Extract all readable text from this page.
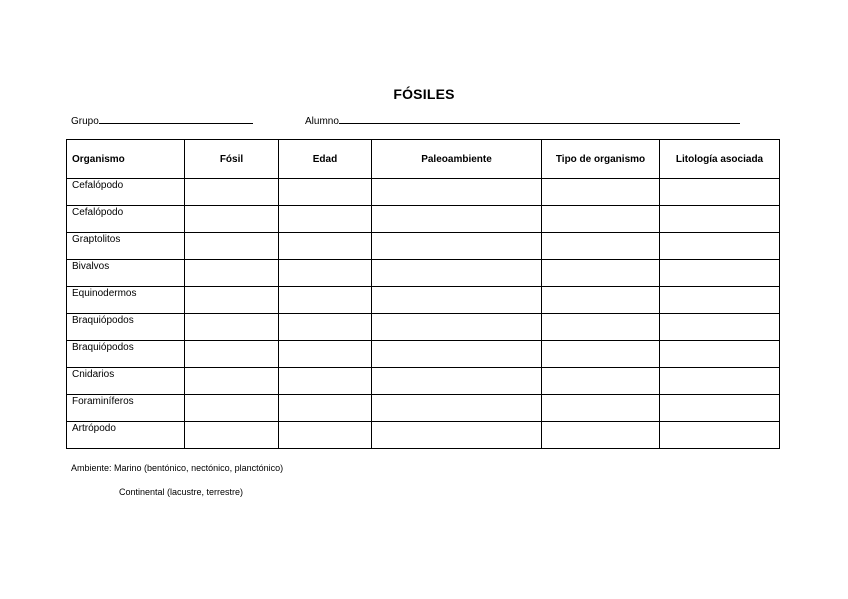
FÓSILES
Grupo	Alumno
Organismo	Fósil	Edad	Paleoambiente	Tipo de organismo	Litología asociada
Cefalópodo					
Cefalópodo					
Graptolitos					
Bivalvos					
Equinodermos					
Braquiópodos					
Braquiópodos					
Cnidarios					
Foraminíferos					
Artrópodo					
Ambiente: Marino (bentónico, nectónico, planctónico)
Continental (lacustre, terrestre)
